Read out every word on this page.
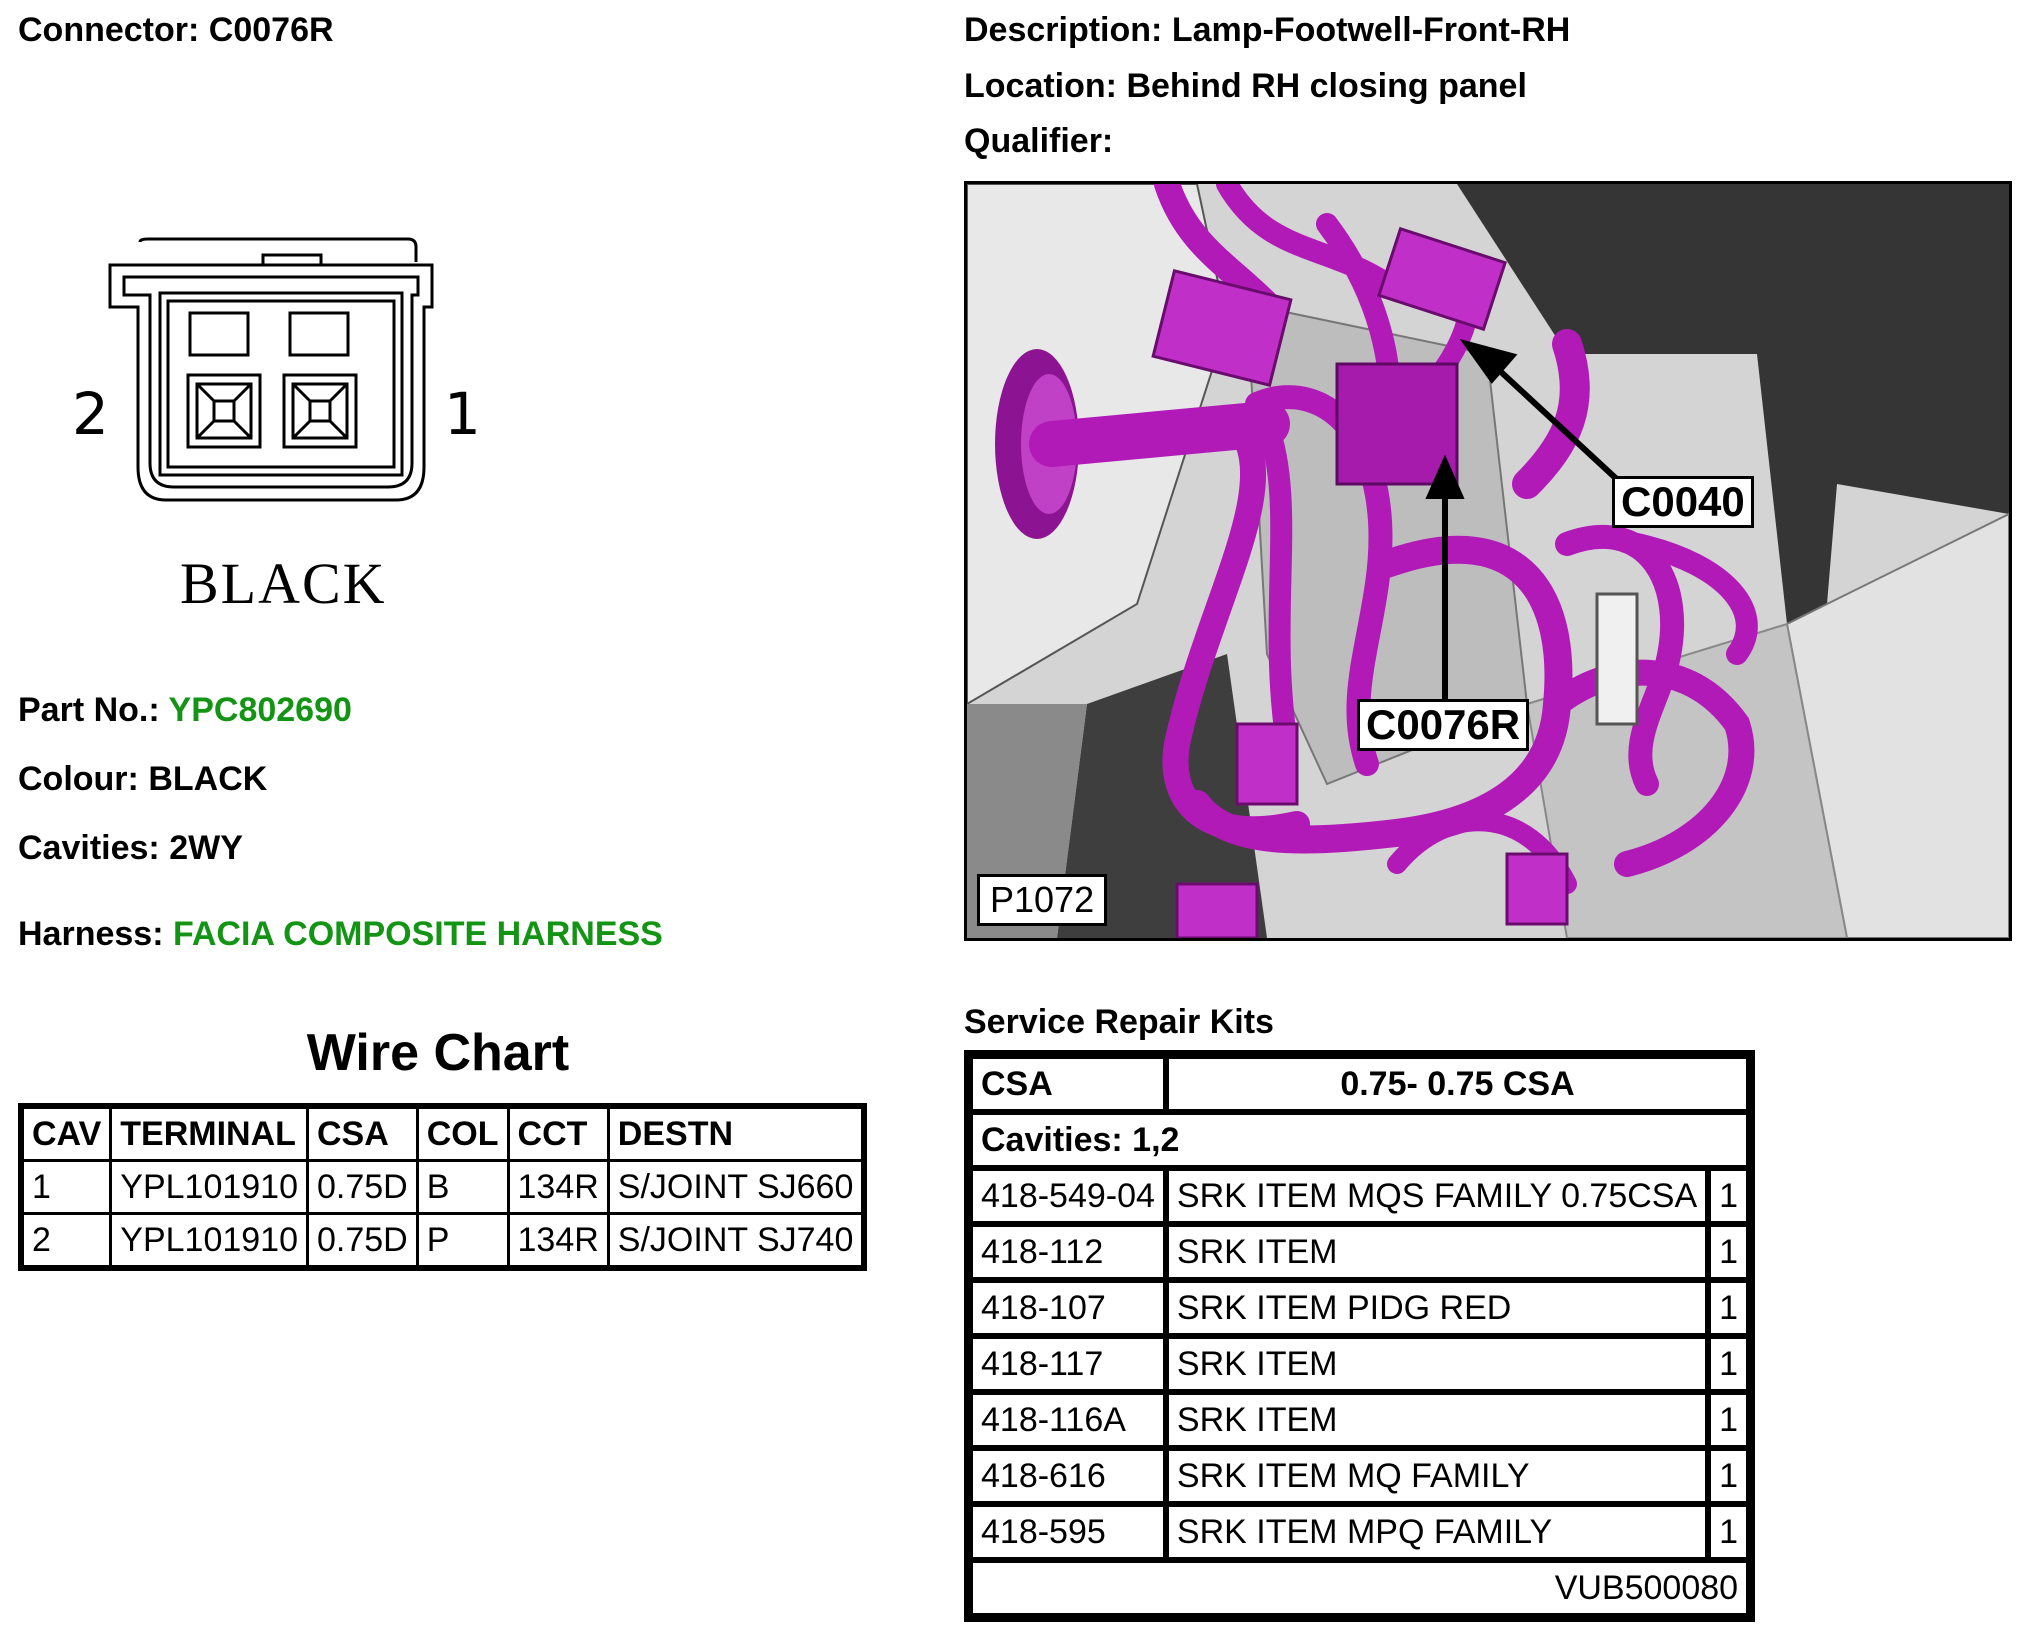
Connector: C0076R
2	1
BLACK
Part No.: YPC802690
Colour: BLACK
Cavities: 2WY
Harness: FACIA COMPOSITE HARNESS
Wire Chart
CAV	TERMINAL	CSA	COL	CCT	DESTN
1	YPL101910	0.75D	B	134R	S/JOINT SJ660
2	YPL101910	0.75D	P	134R	S/JOINT SJ740
Description: Lamp-Footwell-Front-RH
Location: Behind RH closing panel
Qualifier:
C0040
C0076R
P1072
Service Repair Kits
CSA	0.75- 0.75 CSA	
Cavities: 1,2		
418-549-04	SRK ITEM MQS FAMILY 0.75CSA	1
418-112	SRK ITEM	1
418-107	SRK ITEM PIDG RED	1
418-117	SRK ITEM	1
418-116A	SRK ITEM	1
418-616	SRK ITEM MQ FAMILY	1
418-595	SRK ITEM MPQ FAMILY	1
VUB500080		
